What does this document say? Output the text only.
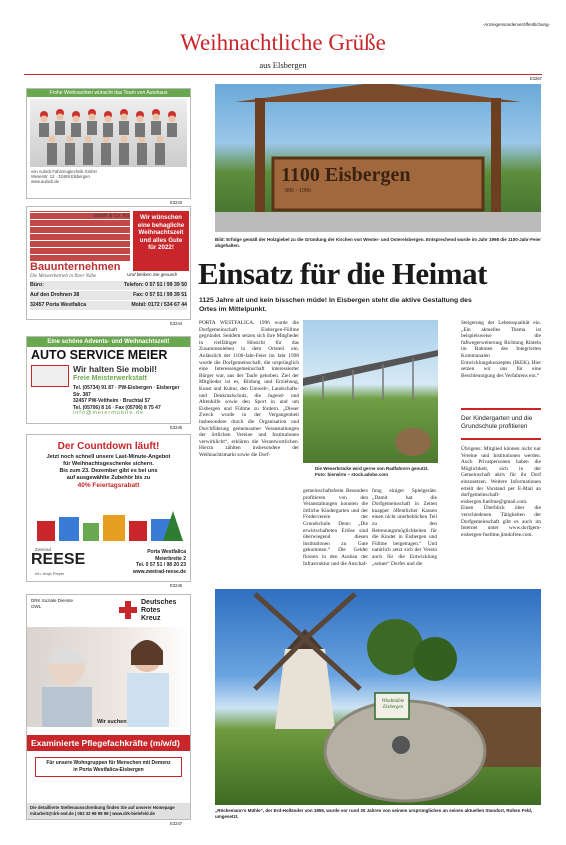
-Anzeigensonderveröffentlichung-
Weihnachtliche Grüße
aus Elsbergen
E3267
Frohe Weihnachten wünscht das Team von Autohaus
von Aulock Fahrzeugtechnik GmbH
Weserstr. 12 · 32469 Elsbergen
www.aulock.de
E3243
GmbH & Co. KG
Bauunternehmen
Die Meisterbetrieb in Ihrer Nähe
Wir wünschen eine behagliche Weihnachtszeit und alles Gute für 2022!
Und bleiben Sie gesund!
Büro:	Telefon: 0 57 51 / 99 39 50
Auf den Drohnen 38	Fax: 0 57 51 / 99 39 51
32457 Porta Westfalica	Mobil: 0172 / 534 67 44
E3244
Eine schöne Advents- und Weihnachtszeit!
AUTO SERVICE MEIER
Wir halten Sie mobil!
Freie Meisterwerkstatt
Tel. (05734) 91 87 · PW-Eisbergen · Eisberger Str. 387
32457 PW-Veltheim · Bruchtal 57
Tel. (05706) 8 16 · Fax (05706) 8 75 47
info@meiermobile.de
E3245
Der Countdown läuft!
Jetzt noch schnell unsere Last-Minute-Angebot
für Weihnachtsgeschenke sichern.
Bis zum 23. Dezember gibt es bei uns
auf ausgewählte Zubehör bis zu
40% Feiertagsrabatt
Zweirad
REESE
Inh. Antje Pieper
Porta Westfalica
Meierbreite 2
Tel. 0 57 51 / 98 20 23
www.zweirad-reese.de
E3246
DRK Soziale Dienste OWL	Deutsches
Rotes
Kreuz
Wir suchen
Examinierte Pflegefachkräfte (m/w/d)
Für unsere Wohngruppen für Menschen mit Demenz
in Porta Westfalica-Eisbergen
Die detaillierte Stellenausschreibung finden Sie auf unserer Homepage
mitarbeit@drk-owl.de | 052 32 98 98 98 | www.drk-bielefeld.de
E3247
1100 Eisbergen
896 · 1996
Bild: Erfolge gemäß der Holzgiebel zu die Gründung der Kirchen von Wester- und Osterelsbergen. Entsprechend wurde im Jahr 1998 die 1100-Jahr-Feier abgehalten.
Einsatz für die Heimat
1125 Jahre alt und kein bisschen müde! In Eisbergen steht die aktive Gestaltung des Ortes im Mittelpunkt.
PORTA WESTFALICA. 1996 wurde die Dorfgemeinschaft Eisbergen-Füllme gegründet. Seitdem setzen sich ihre Mitglieder in vielfältiger Hinsicht für das Zusammenleben in dem Ortsteil ein. Anlässlich der 1100-Jahr-Feier im Jahr 1998 wurde die Dorfgemeinschaft, die ursprünglich eine Interessengemeinschaft interessierter Bürger war, aus der Taufe gehoben. Ziel der Mitglieder ist es, Bildung und Erziehung, Kunst und Kultur, den Umwelt-, Landschafts- und Denkmalschutz, die Jugend- und Altenhilfe sowie den Sport in und um Eisbergen und Füllme zu fördern. „Dieser Zweck wurde in der Vergangenheit insbesondere durch die Organisation und Durchführung gemeinsamer Veranstaltungen der örtlichen Vereine und Institutionen verwirklicht“, erklären die Verantwortlichen. Hierzu zählten insbesondere der Weihnachtsmarkt sowie die Dorf-
Die Weserbrücke wird gerne von Radfahrern genutzt. Foto: bierwirm – stock.adobe.com
gemeinschaftsfeste. Besonders profitieren von den Veranstaltungen konnten die örtliche Kindergarten und der Förderverein der Grundschule. Denn: „Die erwirtschafteten Erlöse sind überwiegend diesen Institutionen zu Gute gekommen.“ Die Gelder flossen in den Ausbau der Infrastruktur und die Anschaf-
fung einiger Spielgeräte. „Damit hat die Dorfgemeinschaft in Zeiten knapper öffentlicher Kassen einen nicht unerheblichen Teil zu den Betreuungsmöglichkeiten für die Kinder in Eisbergen und Füllme beigetragen.“ Und natürlich setzt sich der Verein auch für die Entwicklung „seines“ Dorfes und die
Steigerung der Lebensqualität ein. „Ein aktuelles Thema ist beispielsweise die fußwegerweiterung Richtung Rinteln im Rahmen des Integrierten Kommunalen Entwicklungskonzeptes (IKEK). Hier setzen wir uns für eine Beschleunigung des Verfahrens ein.“
Der Kindergarten und die Grundschule profitieren
Übrigens: Mitglied können nicht nur Vereine und Institutionen werden. Auch Privatpersonen haben die Möglichkeit, sich in der Gemeinschaft aktiv für ihr Dorf einzusetzen. Weitere Informationen erteilt der Vorstand per E-Mail an dorfgemeinschaft-eisbergen.fuellme@gmail.com. Einen Überblick über die verschiedenen Tätigkeiten der Dorfgemeinschaft gibt es auch im Internet unter www.dorfgem-eisbergen-fuellme.jimdofree.com.
Windmühle Eisbergen
„Röckemann's Mühle“, der Erd-Holländer von 1855, wurde vor rund 30 Jahren von seinem ursprünglichen an seinen aktuellen Standort, Rohen Feld, umgesetzt.
